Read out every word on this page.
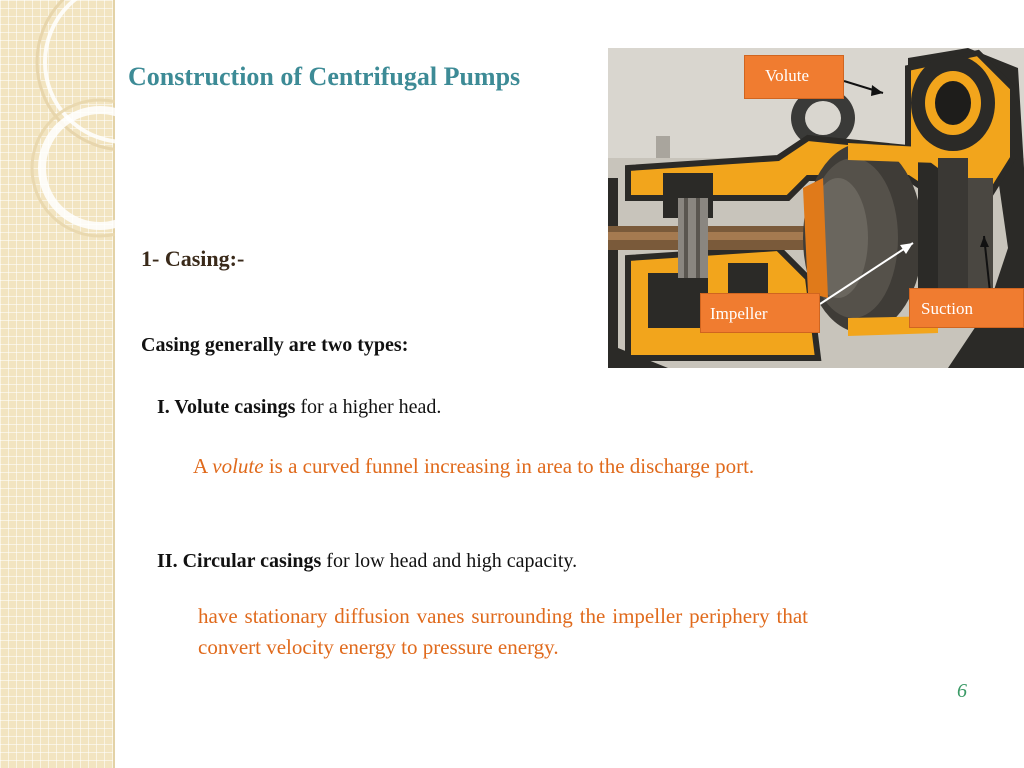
Construction of Centrifugal Pumps
1- Casing:-
Casing generally are two types:
I. Volute casings for a higher head.
A volute is a curved funnel increasing in area to the discharge port.
II. Circular casings for low head and high capacity.
have stationary diffusion vanes surrounding the impeller periphery that convert velocity energy to pressure energy.
6
Volute
Impeller	Suction
